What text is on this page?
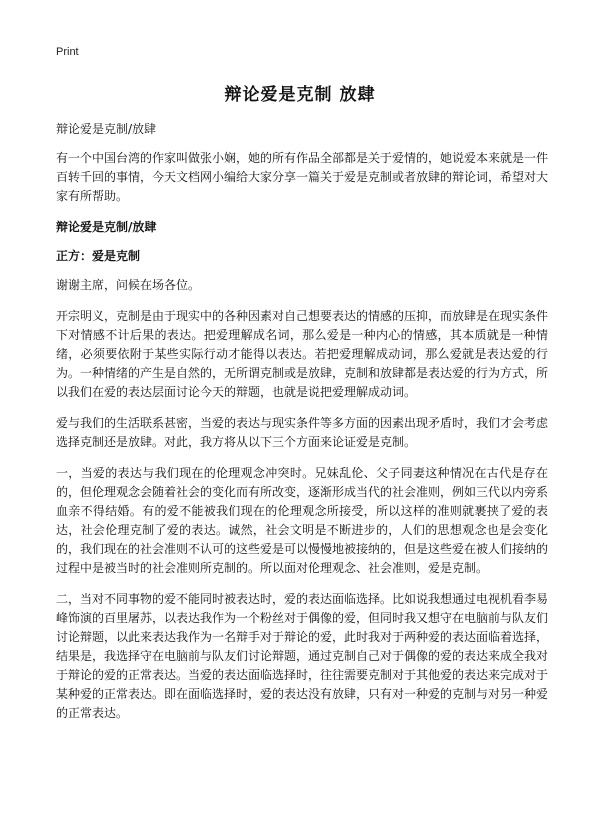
Print
辩论爱是克制 放肆

辩论爱是克制/放肆

有一个中国台湾的作家叫做张小娴，她的所有作品全部都是关于爱情的，她说爱本来就是一件百转千回的事情，今天文档网小编给大家分享一篇关于爱是克制或者放肆的辩论词，希望对大家有所帮助。

辩论爱是克制/放肆

正方：爱是克制

谢谢主席，问候在场各位。

开宗明义，克制是由于现实中的各种因素对自己想要表达的情感的压抑，而放肆是在现实条件下对情感不计后果的表达。把爱理解成名词，那么爱是一种内心的情感，其本质就是一种情绪，必须要依附于某些实际行动才能得以表达。若把爱理解成动词，那么爱就是表达爱的行为。一种情绪的产生是自然的，无所谓克制或是放肆，克制和放肆都是表达爱的行为方式，所以我们在爱的表达层面讨论今天的辩题，也就是说把爱理解成动词。

爱与我们的生活联系甚密，当爱的表达与现实条件等多方面的因素出现矛盾时，我们才会考虑选择克制还是放肆。对此，我方将从以下三个方面来论证爱是克制。

一，当爱的表达与我们现在的伦理观念冲突时。兄妹乱伦、父子同妻这种情况在古代是存在的，但伦理观念会随着社会的变化而有所改变，逐渐形成当代的社会准则，例如三代以内旁系血亲不得结婚。有的爱不能被我们现在的伦理观念所接受，所以这样的准则就裹挟了爱的表达，社会伦理克制了爱的表达。诚然，社会文明是不断进步的，人们的思想观念也是会变化的，我们现在的社会准则不认可的这些爱是可以慢慢地被接纳的，但是这些爱在被人们接纳的过程中是被当时的社会准则所克制的。所以面对伦理观念、社会准则，爱是克制。

二，当对不同事物的爱不能同时被表达时，爱的表达面临选择。比如说我想通过电视机看李易峰饰演的百里屠苏，以表达我作为一个粉丝对于偶像的爱，但同时我又想守在电脑前与队友们讨论辩题，以此来表达我作为一名辩手对于辩论的爱，此时我对于两种爱的表达面临着选择，结果是，我选择守在电脑前与队友们讨论辩题，通过克制自己对于偶像的爱的表达来成全我对于辩论的爱的正常表达。当爱的表达面临选择时，往往需要克制对于其他爱的表达来完成对于某种爱的正常表达。即在面临选择时，爱的表达没有放肆，只有对一种爱的克制与对另一种爱的正常表达。
